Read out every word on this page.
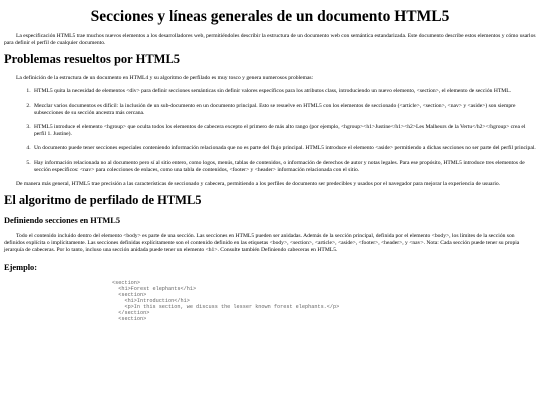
Secciones y líneas generales de un documento HTML5

La especificación HTML5 trae muchos nuevos elementos a los desarrolladores web, permitiéndoles describir la estructura de un documento web con semántica estandarizada. Este documento describe estos elementos y cómo usarlos para definir el perfil de cualquier documento.

Problemas resueltos por HTML5

La definición de la estructura de un documento en HTML4 y su algoritmo de perfilado es muy tosco y genera numerosos problemas:

1. HTML5 quita la necesidad de elementos <div> para definir secciones semánticas sin definir valores específicos para los atributos class, introduciendo un nuevo elemento, <section>, el elemento de sección HTML.
2. Mezclar varios documentos es difícil: la inclusión de un sub-documento en un documento principal. Esto se resuelve en HTML5 con los elementos de seccionado (<article>, <section>, <nav> y <aside>) son siempre subsecciones de su sección ancestra más cercana.
3. HTML5 introduce el elemento <hgroup> que oculta todos los elementos de cabecera excepto el primero de más alto rango (por ejemplo, <hgroup><h1>Justine</h1><h2>Les Malheurs de la Vertu</h2></hgroup> crea el perfil 1. Justine).
4. Un documento puede tener secciones especiales conteniendo información relacionada que no es parte del flujo principal. HTML5 introduce el elemento <aside> permitiendo a dichas secciones no ser parte del perfil principal.
5. Hay información relacionada no al documento pero sí al sitio entero, como logos, menús, tablas de contenidos, o información de derechos de autor y notas legales. Para ese propósito, HTML5 introduce tres elementos de sección específicos: <nav> para colecciones de enlaces, como una tabla de contenidos, <footer> y <header> información relacionada con el sitio.

De manera más general, HTML5 trae precisión a las características de seccionado y cabecera, permitiendo a los perfiles de documento ser predecibles y usados por el navegador para mejorar la experiencia de usuario.

El algoritmo de perfilado de HTML5
Definiendo secciones en HTML5

Todo el contenido incluido dentro del elemento <body> es parte de una sección. Las secciones en HTML5 pueden ser anidadas. Además de la sección principal, definida por el elemento <body>, los límites de la sección son definidos explícita o implícitamente. Las secciones definidas explícitamente son el contenido definido en las etiquetas <body>, <section>, <article>, <aside>, <footer>, <header>, y <nav>. Nota: Cada sección puede tener su propia jerarquía de cabeceras. Por lo tanto, incluso una sección anidada puede tener un elemento <h1>. Consulte también Definiendo cabeceras en HTML5.

Ejemplo:
<section>
<h1>Forest elephants</h1>
<section>
<h1>Introduction</h1>
<p>In this section, we discuss the lesser known forest elephants.</p>
</section>
<section>
